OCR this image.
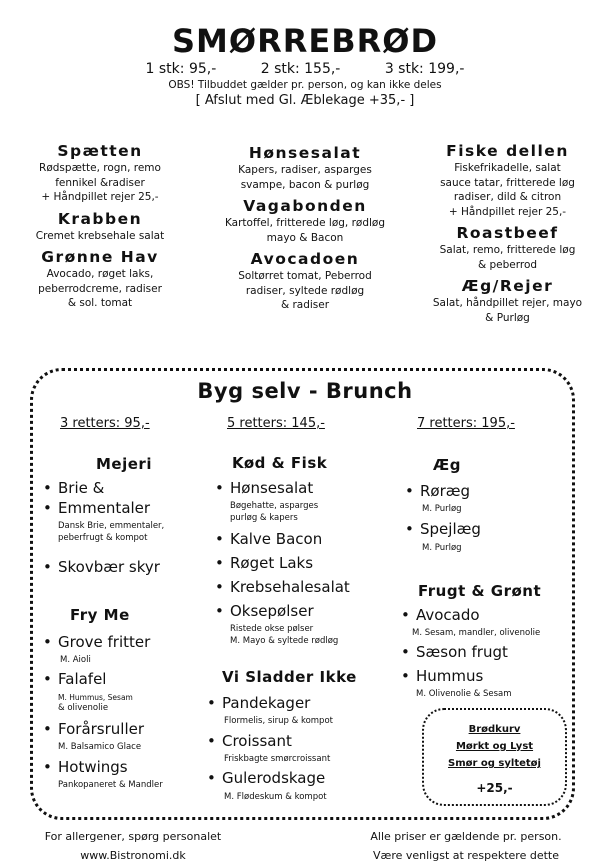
SMØRREBRØD
1 stk: 95,-	2 stk: 155,-	3 stk: 199,-
OBS! Tilbuddet gælder pr. person, og kan ikke deles
[ Afslut med Gl. Æblekage +35,- ]
Spætten
Rødspætte, rogn, remo
fennikel &radiser
+ Håndpillet rejer 25,-
Krabben
Cremet krebsehale salat
Grønne Hav
Avocado, røget laks,
peberrodcreme, radiser
& sol. tomat
Hønsesalat
Kapers, radiser, asparges
svampe, bacon & purløg
Vagabonden
Kartoffel, fritterede løg, rødløg
mayo & Bacon
Avocadoen
Soltørret tomat, Peberrod
radiser, syltede rødløg
& radiser
Fiske dellen
Fiskefrikadelle, salat
sauce tatar, fritterede løg
radiser, dild & citron
+ Håndpillet rejer 25,-
Roastbeef
Salat, remo, fritterede løg
& peberrod
Æg/Rejer
Salat, håndpillet rejer, mayo
& Purløg
Byg selv - Brunch
3 retters: 95,-	5 retters: 145,-	7 retters: 195,-
Mejeri
• Brie &
• Emmentaler
Dansk Brie, emmentaler,
peberfrugt & kompot
• Skovbær skyr
Fry Me
• Grove fritter
M. Aioli
• Falafel
M. Hummus, Sesam
& olivenolie
• Forårsruller
M. Balsamico Glace
• Hotwings
Pankopaneret & Mandler
Kød & Fisk
• Hønsesalat
Bøgehatte, asparges
purløg & kapers
• Kalve Bacon
• Røget Laks
• Krebsehalesalat
• Oksepølser
Ristede okse pølser
M. Mayo & syltede rødløg
Vi Sladder Ikke
• Pandekager
Flormelis, sirup & kompot
• Croissant
Friskbagte smørcroissant
• Gulerodskage
M. Flødeskum & kompot
Æg
• Røræg
M. Purløg
• Spejlæg
M. Purløg
Frugt & Grønt
• Avocado
M. Sesam, mandler, olivenolie
• Sæson frugt
• Hummus
M. Olivenolie & Sesam
Brødkurv
Mørkt og Lyst
Smør og syltetøj
+25,-
For allergener, spørg personalet
www.Bistronomi.dk
Alle priser er gældende pr. person.
Være venligst at respektere dette
